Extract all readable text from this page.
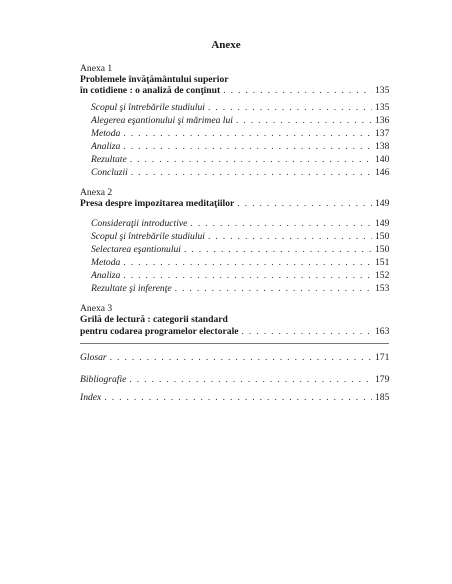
Anexe
Anexa 1
Problemele învăţământului superior
în cotidiene : o analiză de conţinut . . .	135
Scopul şi întrebările studiului . . .	135
Alegerea eşantionului şi mărimea lui . . .	136
Metoda . . .	137
Analiza . . .	138
Rezultate . . .	140
Concluzii . . .	146
Anexa 2
Presa despre impozitarea meditaţiilor . . .	149
Consideraţii introductive . . .	149
Scopul şi întrebările studiului . . .	150
Selectarea eşantionului . . .	150
Metoda . . .	151
Analiza . . .	152
Rezultate şi inferenţe . . .	153
Anexa 3
Grilă de lectură : categorii standard
pentru codarea programelor electorale . . .	163
Glosar . . .	171
Bibliografie . . .	179
Index . . .	185
